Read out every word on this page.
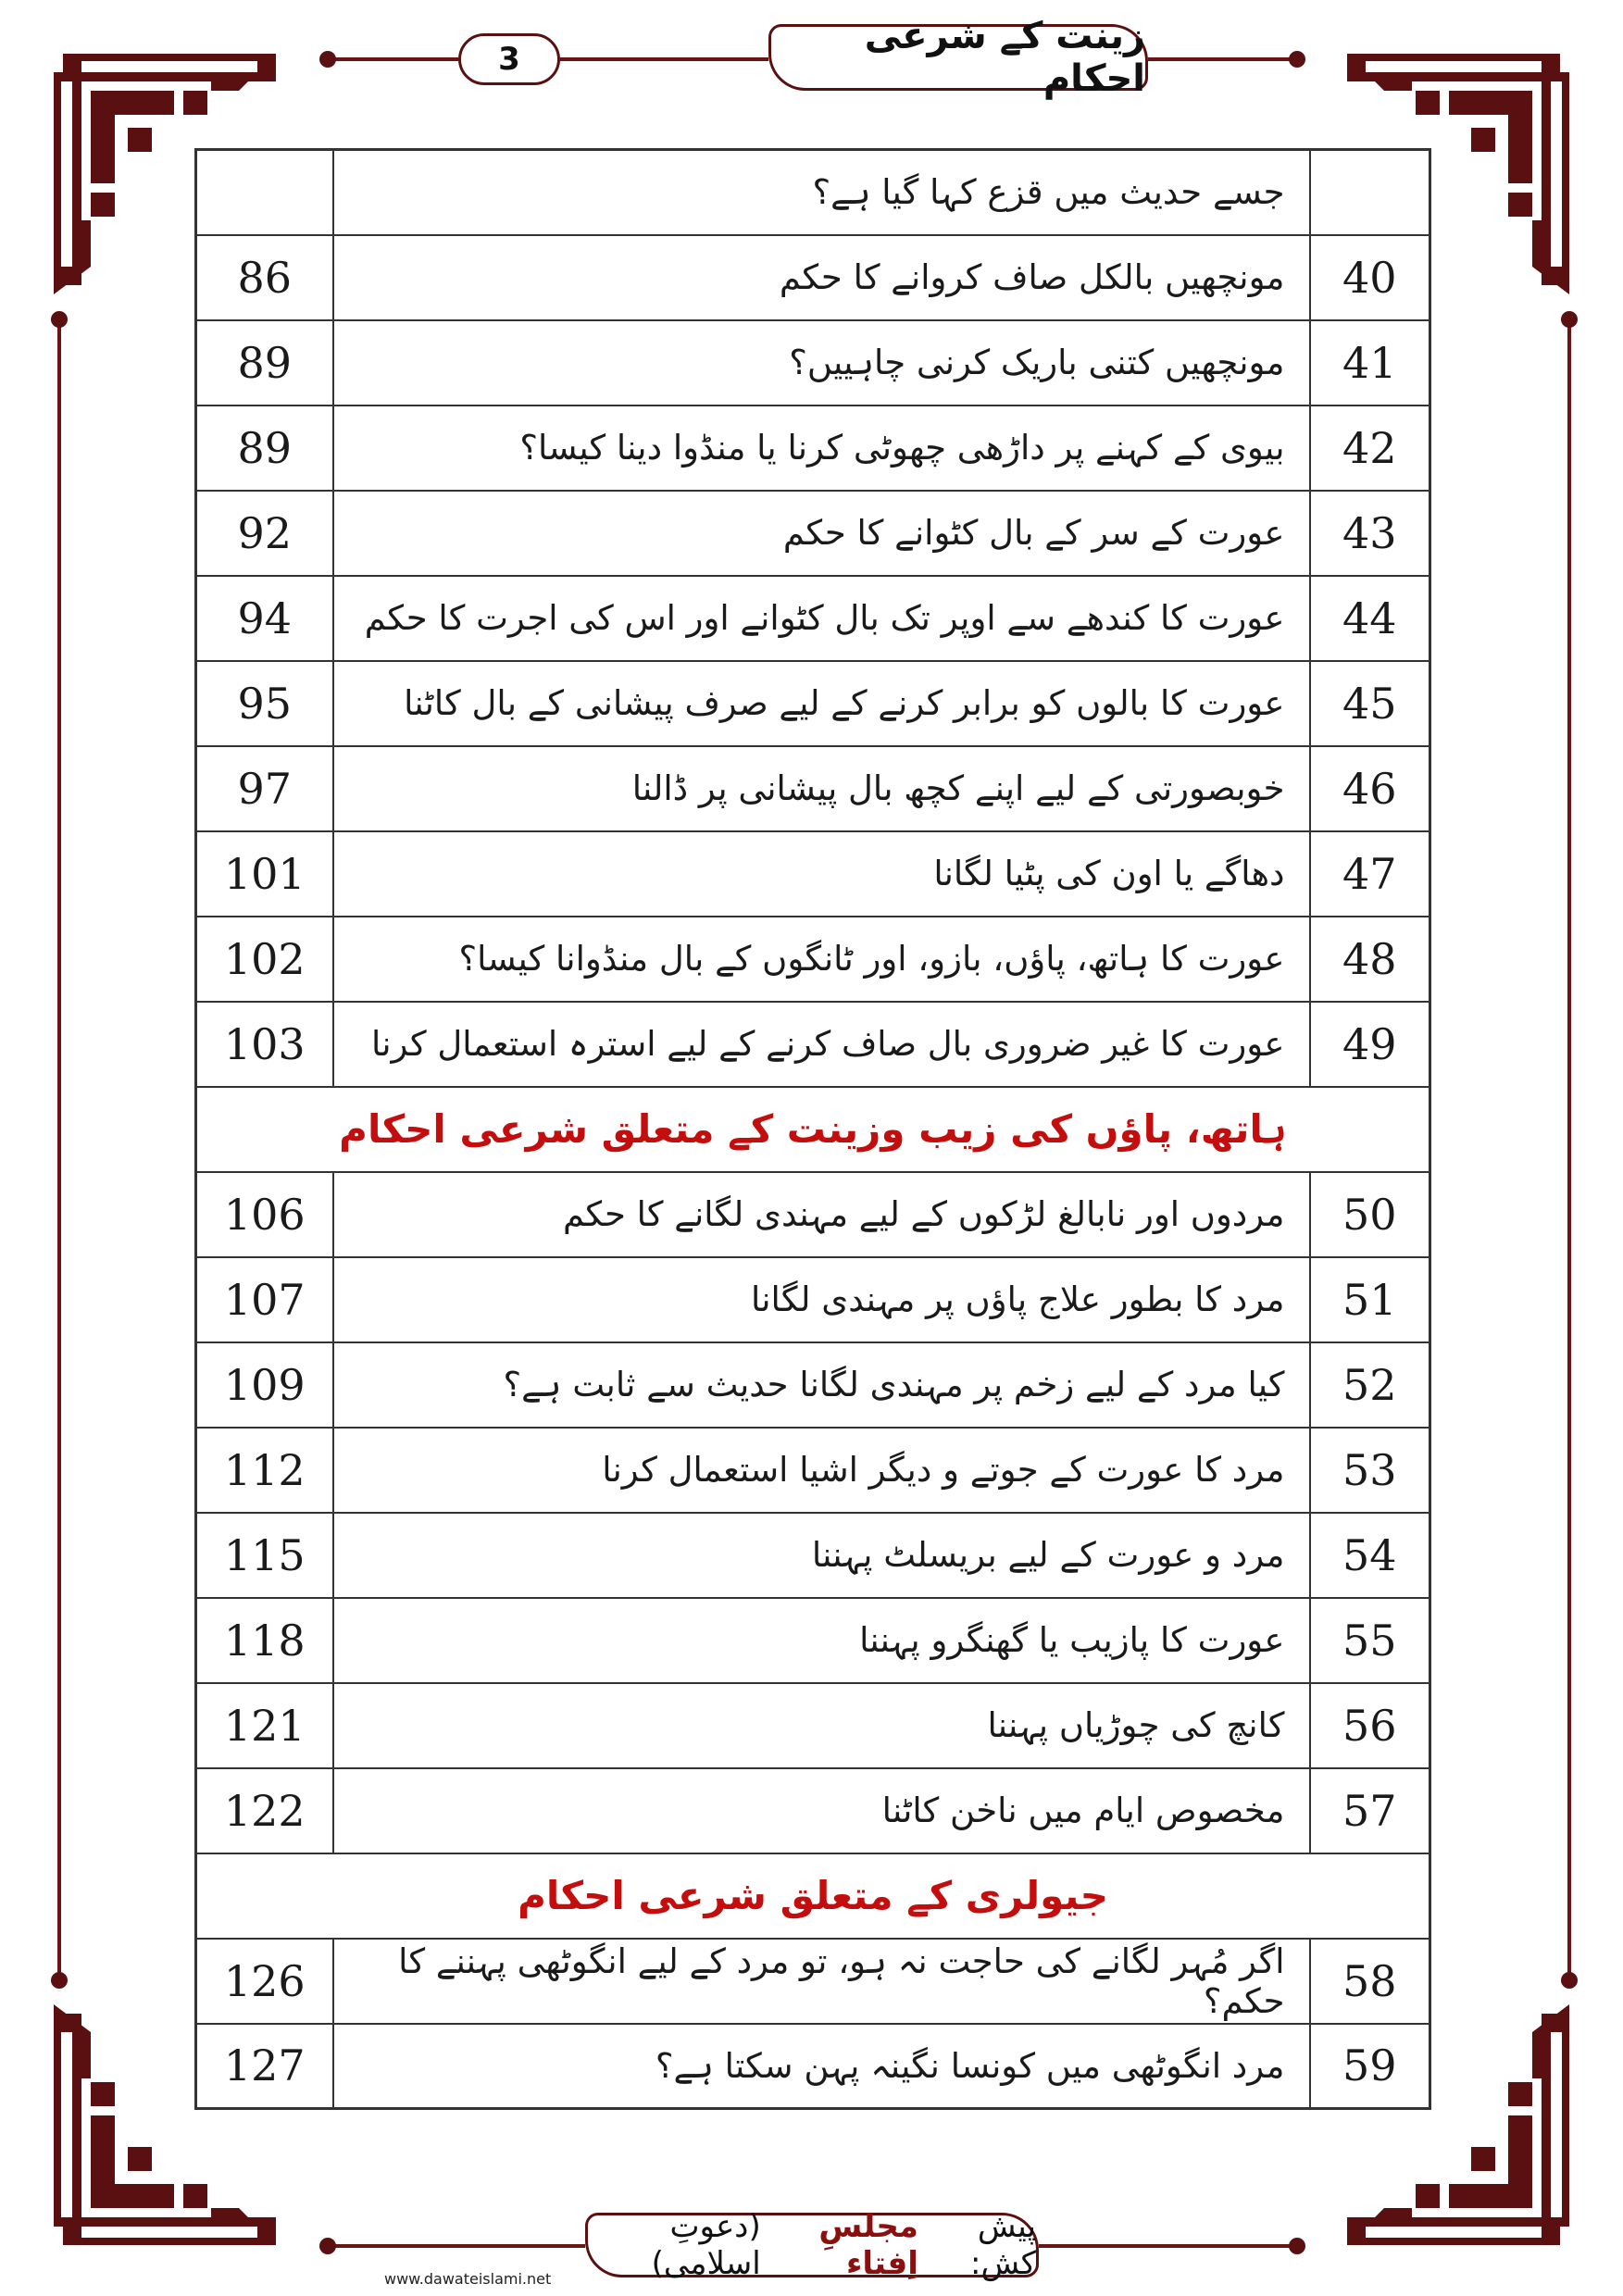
3
زینت کے شرعی احکام
	جسے حدیث میں قزع کہا گیا ہے؟	
86	مونچھیں بالکل صاف کروانے کا حکم	40
89	مونچھیں کتنی باریک کرنی چاہییں؟	41
89	بیوی کے کہنے پر داڑھی چھوٹی کرنا یا منڈوا دینا کیسا؟	42
92	عورت کے سر کے بال کٹوانے کا حکم	43
94	عورت کا کندھے سے اوپر تک بال کٹوانے اور اس کی اجرت کا حکم	44
95	عورت کا بالوں کو برابر کرنے کے لیے صرف پیشانی کے بال کاٹنا	45
97	خوبصورتی کے لیے اپنے کچھ بال پیشانی پر ڈالنا	46
101	دھاگے یا اون کی پٹیا لگانا	47
102	عورت کا ہاتھ، پاؤں، بازو، اور ٹانگوں کے بال منڈوانا کیسا؟	48
103	عورت کا غیر ضروری بال صاف کرنے کے لیے استرہ استعمال کرنا	49
ہاتھ، پاؤں کی زیب وزینت کے متعلق شرعی احکام		
106	مردوں اور نابالغ لڑکوں کے لیے مہندی لگانے کا حکم	50
107	مرد کا بطور علاج پاؤں پر مہندی لگانا	51
109	کیا مرد کے لیے زخم پر مہندی لگانا حدیث سے ثابت ہے؟	52
112	مرد کا عورت کے جوتے و دیگر اشیا استعمال کرنا	53
115	مرد و عورت کے لیے بریسلٹ پہننا	54
118	عورت کا پازیب یا گھنگرو پہننا	55
121	کانچ کی چوڑیاں پہننا	56
122	مخصوص ایام میں ناخن کاٹنا	57
جیولری کے متعلق شرعی احکام		
126	اگر مُہر لگانے کی حاجت نہ ہو، تو مرد کے لیے انگوٹھی پہننے کا حکم؟	58
127	مرد انگوٹھی میں کونسا نگینہ پہن سکتا ہے؟	59
پیش کش:
مجلسِ اِفتاء
(دعوتِ اسلامی)
www.dawateislami.net
